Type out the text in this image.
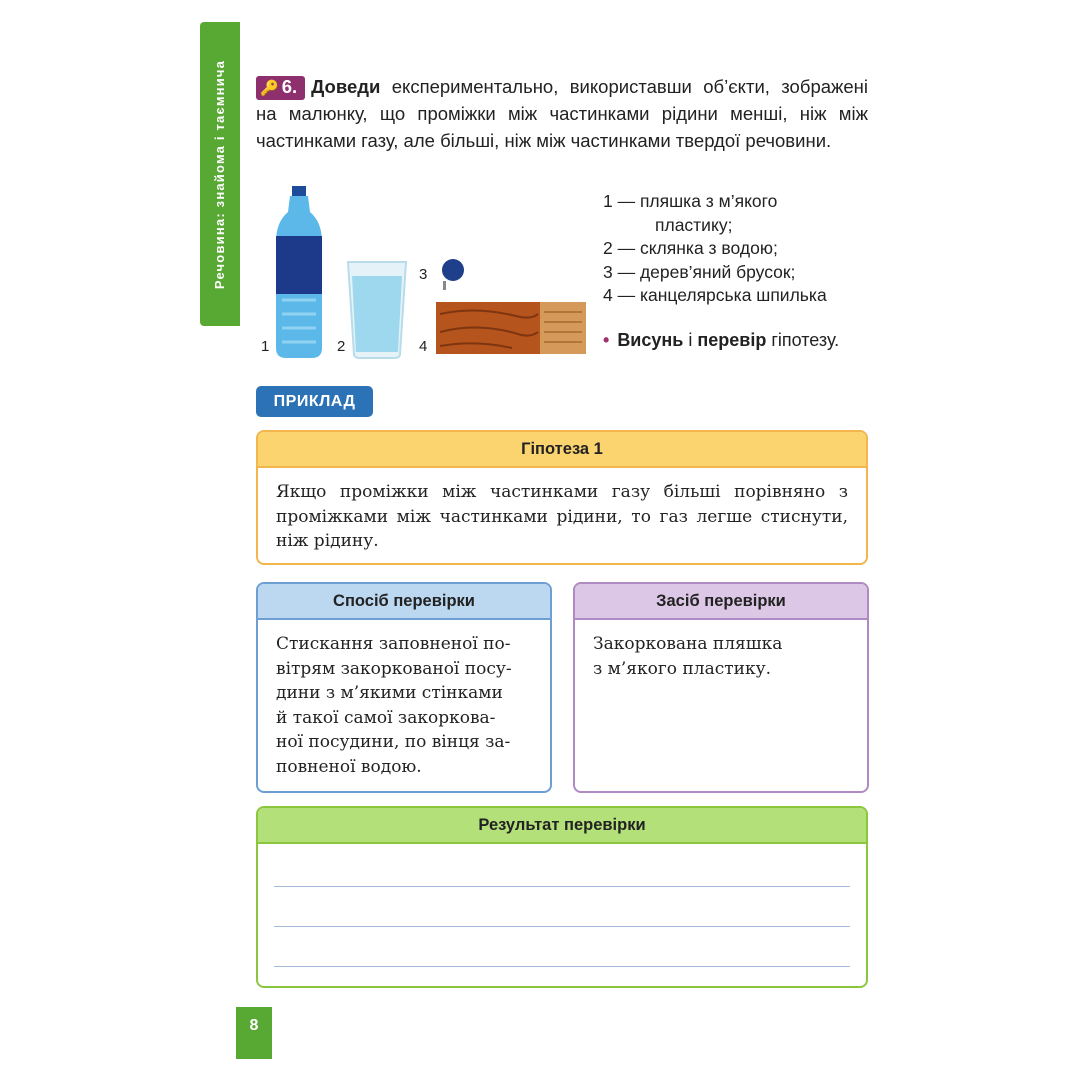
Речовина: знайома і таємнича 🔑 6. Доведи експериментально, використавши об’єкти, зображені на малюнку, що проміжки між частинками рідини менші, ніж між частинками газу, але більші, ніж між частинками твердої речовини.
1	2
3
4
1 — пляшка з м’якого
пластику;
2 — склянка з водою;
3 — дерев’яний брусок;
4 — канцелярська шпилька
• Висунь і перевір гіпотезу.
ПРИКЛАД
Гіпотеза 1
Якщо проміжки між частинками газу більші порівняно з проміжками між частинками рідини, то газ легше стиснути, ніж рідину.
Спосіб перевірки
Стискання заповненої по-
вітрям закоркованої посу-
дини з м’якими стінками
й такої самої закоркова-
ної посудини, по вінця за-
повненої водою.
Засіб перевірки
Закоркована пляшка
з м’якого пластику.
Результат перевірки
8
